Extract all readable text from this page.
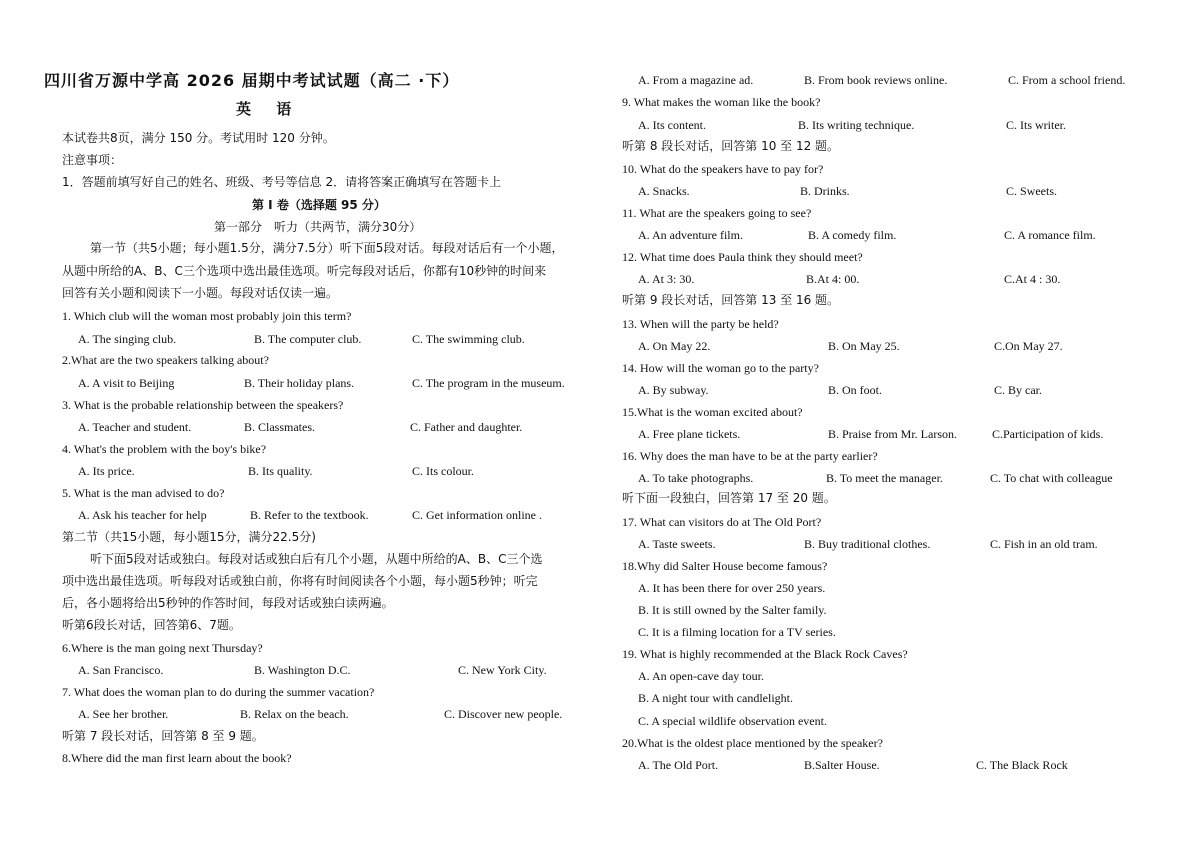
四川省万源中学高 2026 届期中考试试题（高二 ·下）
英 语
本试卷共8页，满分 150 分。考试用时 120 分钟。
注意事项：
1．答题前填写好自己的姓名、班级、考号等信息 2．请将答案正确填写在答题卡上
第 I 卷（选择题 95 分）
第一部分　听力（共两节，满分30分）
第一节（共5小题；每小题1.5分，满分7.5分）听下面5段对话。每段对话后有一个小题，
从题中所给的A、B、C三个选项中选出最佳选项。听完每段对话后，你都有10秒钟的时间来
回答有关小题和阅读下一小题。每段对话仅读一遍。
1. Which club will the woman most probably join this term?
A. The singing club.	B. The computer club.	C. The swimming club.
2.What are the two speakers talking about?
A. A visit to Beijing	B. Their holiday plans.	C. The program in the museum.
3. What is the probable relationship between the speakers?
A. Teacher and student.	B. Classmates.	C. Father and daughter.
4. What's the problem with the boy's bike?
A. Its price.	B. Its quality.	C. Its colour.
5. What is the man advised to do?
A. Ask his teacher for help	B. Refer to the textbook.	C. Get information online .
第二节（共15小题，每小题15分，满分22.5分)
听下面5段对话或独白。每段对话或独白后有几个小题，从题中所给的A、B、C三个选
项中选出最佳选项。听每段对话或独白前，你将有时间阅读各个小题，每小题5秒钟；听完
后，各小题将给出5秒钟的作答时间，每段对话或独白读两遍。
听第6段长对话，回答第6、7题。
6.Where is the man going next Thursday?
A. San Francisco.	B. Washington D.C.	C. New York City.
7. What does the woman plan to do during the summer vacation?
A. See her brother.	B. Relax on the beach.	C. Discover new people.
听第 7 段长对话，回答第 8 至 9 题。
8.Where did the man first learn about the book?
A. From a magazine ad.	B. From book reviews online.	C. From a school friend.
9. What makes the woman like the book?
A. Its content.	B. Its writing technique.	C. Its writer.
听第 8 段长对话，回答第 10 至 12 题。
10. What do the speakers have to pay for?
A. Snacks.	B. Drinks.	C. Sweets.
11. What are the speakers going to see?
A. An adventure film.	B. A comedy film.	C. A romance film.
12. What time does Paula think they should meet?
A. At 3: 30.	B.At 4: 00.	C.At 4 : 30.
听第 9 段长对话，回答第 13 至 16 题。
13. When will the party be held?
A. On May 22.	B. On May 25.	C.On May 27.
14. How will the woman go to the party?
A. By subway.	B. On foot.	C. By car.
15.What is the woman excited about?
A. Free plane tickets.	B. Praise from Mr. Larson.	C.Participation of kids.
16. Why does the man have to be at the party earlier?
A. To take photographs.	B. To meet the manager.	C. To chat with colleague
听下面一段独白，回答第 17 至 20 题。
17. What can visitors do at The Old Port?
A. Taste sweets.	B. Buy traditional clothes.	C. Fish in an old tram.
18.Why did Salter House become famous?
A. It has been there for over 250 years.
B. It is still owned by the Salter family.
C. It is a filming location for a TV series.
19. What is highly recommended at the Black Rock Caves?
A. An open-cave day tour.
B. A night tour with candlelight.
C. A special wildlife observation event.
20.What is the oldest place mentioned by the speaker?
A. The Old Port.	B.Salter House.	C. The Black Rock
